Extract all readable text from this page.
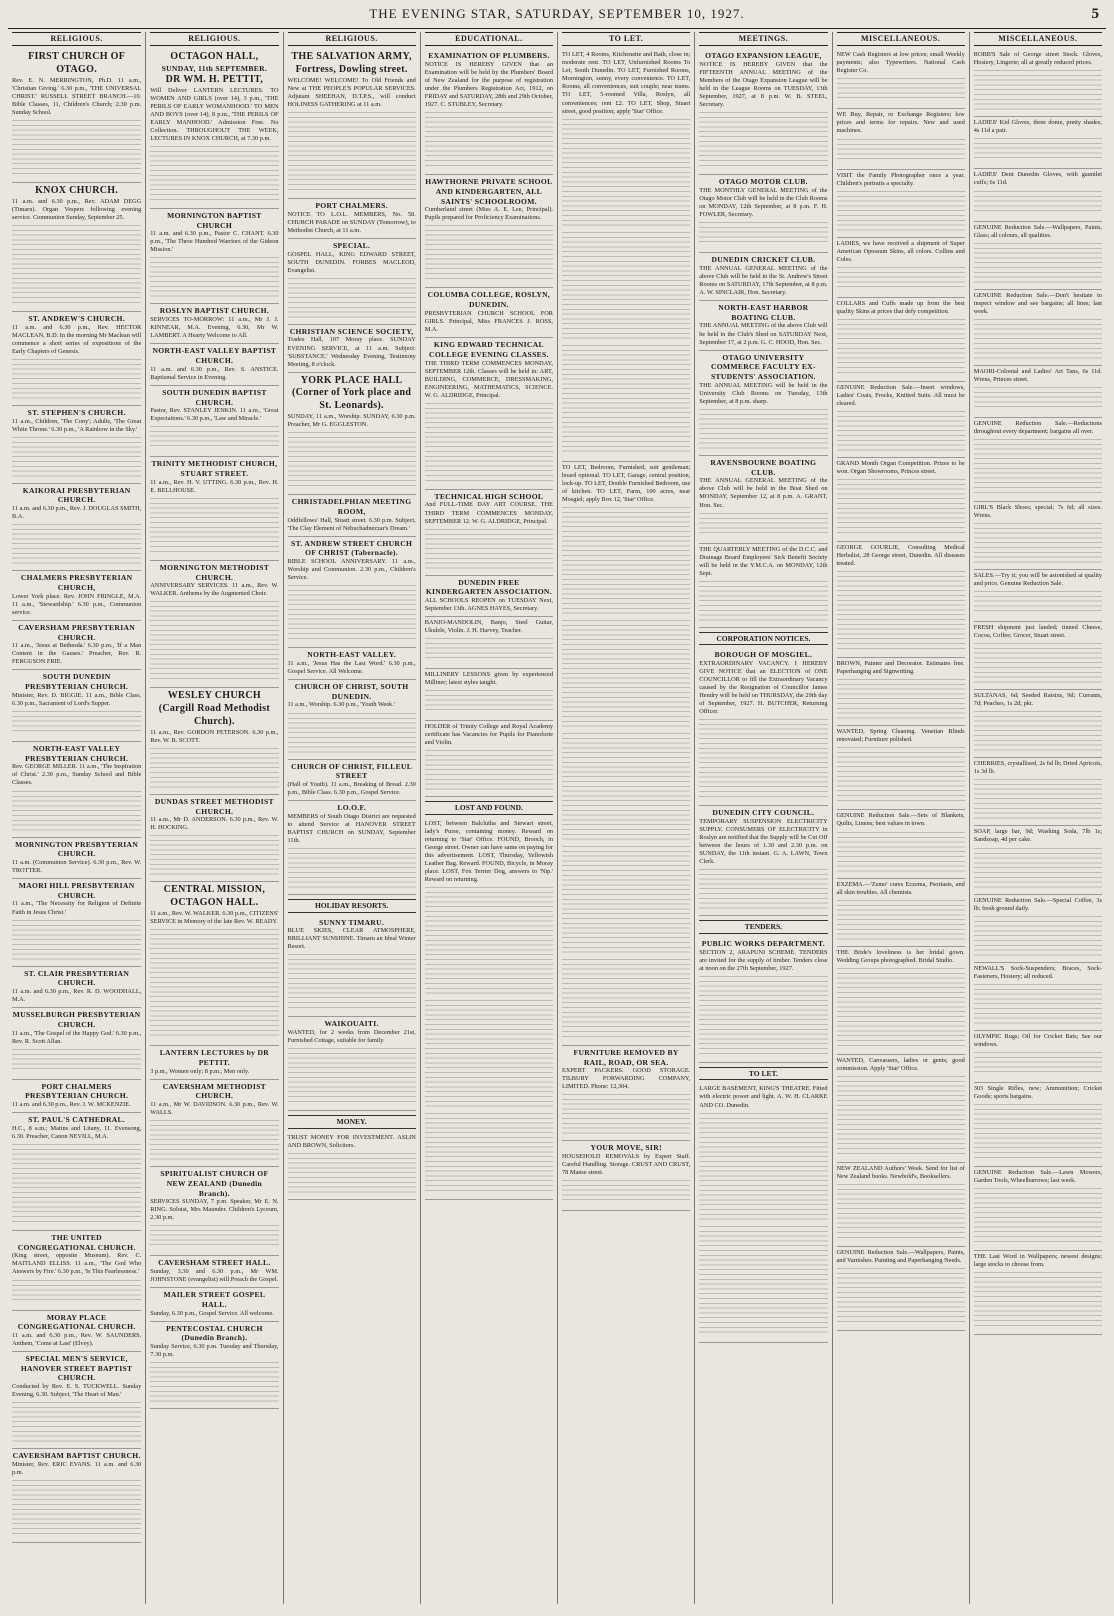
THE EVENING STAR, SATURDAY, SEPTEMBER 10, 1927.	5
RELIGIOUS.
FIRST CHURCH OF OTAGO.

Rev. E. N. MERRINGTON, Ph.D. 11 a.m., 'Christian Giving.' 6.30 p.m., 'THE UNIVERSAL CHRIST.' RUSSELL STREET BRANCH.—10. Bible Classes, 11, Children's Church; 2.30 p.m. Sunday School.

KNOX CHURCH.

11 a.m. and 6.30 p.m., Rev. ADAM DEGG (Timaru). Organ Vespers following evening service. Communion Sunday, September 25.

ST. ANDREW'S CHURCH.

11 a.m. and 6.30 p.m., Rev. HECTOR MACLEAN, B.D. In the morning Mr Maclean will commence a short series of expositions of the Early Chapters of Genesis.

ST. STEPHEN'S CHURCH.

11 a.m., Children, 'The Cony'; Adults, 'The Great White Throne.' 6.30 p.m., 'A Rainbow in the Sky.'

KAIKORAI PRESBYTERIAN CHURCH.

11 a.m. and 6.30 p.m., Rev. J. DOUGLAS SMITH, B.A.

CHALMERS PRESBYTERIAN CHURCH,

Lower York place. Rev. JOHN FRINGLE, M.A. 11 a.m., 'Stewardship.' 6.30 p.m., Communion service.

CAVERSHAM PRESBYTERIAN CHURCH.

11 a.m., 'Jesus at Bethesda.' 6.30 p.m., 'If a Man Content in the Gauses.' Preacher, Rev. R. FERGUSON FRIE.

SOUTH DUNEDIN PRESBYTERIAN CHURCH.

Minister, Rev. D. BIGGIE. 11 a.m., Bible Class. 6.30 p.m., Sacrament of Lord's Supper.

NORTH-EAST VALLEY PRESBYTERIAN CHURCH.

Rev. GEORGE MILLER. 11 a.m., 'The Inspiration of Christ.' 2.30 p.m., Sunday School and Bible Classes.

MORNINGTON PRESBYTERIAN CHURCH.

11 a.m. (Communion Service). 6.30 p.m., Rev. W. TROTTER.

MAORI HILL PRESBYTERIAN CHURCH.

11 a.m., 'The Necessity for Religion of Definite Faith in Jesus Christ.'

ST. CLAIR PRESBYTERIAN CHURCH.

11 a.m. and 6.30 p.m., Rev. R. D. WOODHALL, M.A.

MUSSELBURGH PRESBYTERIAN CHURCH.

11 a.m., 'The Gospel of the Happy God.' 6.30 p.m., Rev. R. Scott Allan.

PORT CHALMERS PRESBYTERIAN CHURCH.

11 a.m. and 6.30 p.m., Rev. J. W. MCKENZIE.

ST. PAUL'S CATHEDRAL.

H.C., 8 a.m.; Matins and Litany, 11. Evensong, 6.30. Preacher, Canon NEVILL, M.A.

THE UNITED CONGREGATIONAL CHURCH.

(King street, opposite Museum). Rev. C. MAITLAND ELLISS. 11 a.m., 'The God Who Answers by Fire.' 6.30 p.m., 'Is This Fearlessness.'

MORAY PLACE CONGREGATIONAL CHURCH.

11 a.m. and 6.30 p.m., Rev. W. SAUNDERS. Anthem, 'Come at Last' (Elvey).

SPECIAL MEN'S SERVICE, HANOVER STREET BAPTIST CHURCH.

Conducted by Rev. E. S. TUCKWELL. Sunday Evening, 6.30. Subject, 'The Heart of Man.'

CAVERSHAM BAPTIST CHURCH.

Minister, Rev. ERIC EVANS. 11 a.m. and 6.30 p.m.

RELIGIOUS.
OCTAGON HALL,
SUNDAY, 11th SEPTEMBER.
DR WM. H. PETTIT,

Will Deliver LANTERN LECTURES. TO WOMEN AND GIRLS (over 14), 3 p.m., 'THE PERILS OF EARLY WOMANHOOD.' TO MEN AND BOYS (over 14), 8 p.m., 'THE PERILS OF EARLY MANHOOD.' Admission Free. No Collection. THROUGHOUT THE WEEK, LECTURES IN KNOX CHURCH, at 7.30 p.m.

MORNINGTON BAPTIST CHURCH

11 a.m. and 6.30 p.m., Pastor C. CHANT. 6.30 p.m., 'The Three Hundred Warriors of the Gideon Mission.'

ROSLYN BAPTIST CHURCH.

SERVICES TO-MORROW: 11 a.m., Mr J. J. KINNEAR, M.A. Evening, 6.30, Mr W. LAMBERT. A Hearty Welcome to All.

NORTH-EAST VALLEY BAPTIST CHURCH.

11 a.m. and 6.30 p.m., Rev. S. ANSTICE. Baptismal Service in Evening.

SOUTH DUNEDIN BAPTIST CHURCH.

Pastor, Rev. STANLEY JENKIN. 11 a.m., 'Great Expectations.' 6.30 p.m., 'Law and Miracle.'

TRINITY METHODIST CHURCH, STUART STREET.

11 a.m., Rev. H. V. UTTING. 6.30 p.m., Rev. H. E. BELLHOUSE.

MORNINGTON METHODIST CHURCH.

ANNIVERSARY SERVICES. 11 a.m., Rev. W. WALKER. Anthems by the Augmented Choir.

WESLEY CHURCH (Cargill Road Methodist Church).

11 a.m., Rev. GORDON PETERSON. 6.30 p.m., Rev. W. B. SCOTT.

DUNDAS STREET METHODIST CHURCH.

11 a.m., Mr D. ANDERSON. 6.30 p.m., Rev. W. H. HOCKING.

CENTRAL MISSION, OCTAGON HALL.

11 a.m., Rev. W. WALKER. 6.30 p.m., CITIZENS' SERVICE in Memory of the late Rev. W. READY.

LANTERN LECTURES by DR PETTIT.

3 p.m., Women only; 8 p.m., Men only.

CAVERSHAM METHODIST CHURCH.

11 a.m., Mr W. DAVIDSON. 6.30 p.m., Rev. W. WALLS.

SPIRITUALIST CHURCH OF NEW ZEALAND (Dunedin Branch).

SERVICES SUNDAY, 7 p.m. Speaker, Mr E. N. RING. Soloist, Mrs Maunder. Children's Lyceum, 2.30 p.m.

CAVERSHAM STREET HALL.

Sunday, 3.30 and 6.30 p.m., Mr WM. JOHNSTONE (evangelist) will Preach the Gospel.

MAILER STREET GOSPEL HALL.

Sunday, 6.30 p.m., Gospel Service. All welcome.

PENTECOSTAL CHURCH (Dunedin Branch).

Sunday Service, 6.30 p.m. Tuesday and Thursday, 7.30 p.m.

RELIGIOUS.
THE SALVATION ARMY, Fortress, Dowling street.

WELCOME! WELCOME! To Old Friends and New at THE PEOPLE'S POPULAR SERVICES. Adjutant SHEEHAN, D.T.P.S., will conduct HOLINESS GATHERING at 11 a.m.

PORT CHALMERS.

NOTICE TO L.O.L. MEMBERS, No. 58. CHURCH PARADE on SUNDAY (Tomorrow), to Methodist Church, at 11 a.m.

SPECIAL.

GOSPEL HALL, KING EDWARD STREET, SOUTH DUNEDIN. FORBES MACLEOD, Evangelist.

CHRISTIAN SCIENCE SOCIETY,

Trades Hall, 107 Moray place. SUNDAY EVENING SERVICE, at 11 a.m. Subject: 'SUBSTANCE.' Wednesday Evening, Testimony Meeting, 8 o'clock.

YORK PLACE HALL (Corner of York place and St. Leonards).

SUNDAY, 11 a.m., Worship. SUNDAY, 6.30 p.m. Preacher, Mr G. EGGLESTON.

CHRISTADELPHIAN MEETING ROOM,

Oddfellows' Hall, Stuart street. 6.30 p.m. Subject, 'The Clay Element of Nebuchadnezzar's Dream.'

ST. ANDREW STREET CHURCH OF CHRIST (Tabernacle).

BIBLE SCHOOL ANNIVERSARY. 11 a.m., Worship and Communion. 2.30 p.m., Children's Service.

NORTH-EAST VALLEY.

11 a.m., 'Jesus Has the Last Word.' 6.30 p.m., Gospel Service. All Welcome.

CHURCH OF CHRIST, SOUTH DUNEDIN.

11 a.m., Worship. 6.30 p.m., 'Youth Week.'

CHURCH OF CHRIST, FILLEUL STREET

(Hall of Youth). 11 a.m., Breaking of Bread. 2.30 p.m., Bible Class. 6.30 p.m., Gospel Service.

I.O.O.F.

MEMBERS of South Otago District are requested to attend Service at HANOVER STREET BAPTIST CHURCH on SUNDAY, September 11th.

HOLIDAY RESORTS.
SUNNY TIMARU.

BLUE SKIES, CLEAR ATMOSPHERE, BRILLIANT SUNSHINE. Timaru an Ideal Winter Resort.

WAIKOUAITI.

WANTED, for 2 weeks from December 21st, Furnished Cottage, suitable for family.

MONEY.

TRUST MONEY FOR INVESTMENT. ASLIN AND BROWN, Solicitors.

EDUCATIONAL.
EXAMINATION OF PLUMBERS.

NOTICE IS HEREBY GIVEN that an Examination will be held by the Plumbers' Board of New Zealand for the purpose of registration under the Plumbers Registration Act, 1912, on FRIDAY and SATURDAY, 28th and 29th October, 1927. C. STUBLEY, Secretary.

HAWTHORNE PRIVATE SCHOOL AND KINDERGARTEN, ALL SAINTS' SCHOOLROOM.

Cumberland street (Miss A. E. Lee, Principal). Pupils prepared for Proficiency Examinations.

COLUMBA COLLEGE, ROSLYN, DUNEDIN.

PRESBYTERIAN CHURCH SCHOOL FOR GIRLS. Principal, Miss FRANCES J. ROSS, M.A.

KING EDWARD TECHNICAL COLLEGE EVENING CLASSES.

THE THIRD TERM COMMENCES MONDAY, SEPTEMBER 12th. Classes will be held in: ART, BUILDING, COMMERCE, DRESSMAKING, ENGINEERING, MATHEMATICS, SCIENCE. W. G. ALDRIDGE, Principal.

TECHNICAL HIGH SCHOOL

And FULL-TIME DAY ART COURSE. THE THIRD TERM COMMENCES MONDAY, SEPTEMBER 12. W. G. ALDRIDGE, Principal.

DUNEDIN FREE KINDERGARTEN ASSOCIATION.

ALL SCHOOLS REOPEN on TUESDAY Next, September 13th. AGNES HAYES, Secretary.

BANJO-MANDOLIN, Banjo, Steel Guitar, Ukulele, Violin. J. H. Harvey, Teacher.

MILLINERY LESSONS given by experienced Milliner; latest styles taught.

HOLDER of Trinity College and Royal Academy certificate has Vacancies for Pupils for Pianoforte and Violin.

LOST AND FOUND.

LOST, between Balclutha and Stewart street, lady's Purse, containing money. Reward on returning to 'Star' Office. FOUND, Brooch, in George street. Owner can have same on paying for this advertisement. LOST, Thursday, Yellowish Leather Bag. Reward. FOUND, Bicycle, in Moray place. LOST, Fox Terrier Dog, answers to 'Nip.' Reward on returning.

TO LET.

TO LET, 4 Rooms, Kitchenette and Bath, close in; moderate rent. TO LET, Unfurnished Rooms To Let, South Dunedin. TO LET, Furnished Rooms, Mornington, sunny, every convenience. TO LET, Rooms, all conveniences, suit couple; near trams. TO LET, 5-roomed Villa, Roslyn, all conveniences; rent £2. TO LET, Shop, Stuart street, good position; apply 'Star' Office.

TO LET, Bedroom, Furnished, suit gentleman; board optional. TO LET, Garage, central position, lock-up. TO LET, Double Furnished Bedroom, use of kitchen. TO LET, Farm, 100 acres, near Mosgiel; apply Box 12, 'Star' Office.

FURNITURE REMOVED BY RAIL, ROAD, OR SEA.

EXPERT PACKERS. GOOD STORAGE. TILBURY FORWARDING COMPANY, LIMITED. Phone: 12,304.

YOUR MOVE, SIR!

HOUSEHOLD REMOVALS by Expert Staff. Careful Handling. Storage. CRUST AND CRUST, 78 Manse street.

MEETINGS.
OTAGO EXPANSION LEAGUE,

NOTICE IS HEREBY GIVEN that the FIFTEENTH ANNUAL MEETING of the Members of the Otago Expansion League will be held in the League Rooms on TUESDAY, 13th September, 1927, at 8 p.m. W. B. STEEL, Secretary.

OTAGO MOTOR CLUB.

THE MONTHLY GENERAL MEETING of the Otago Motor Club will be held in the Club Rooms on MONDAY, 12th September, at 8 p.m. F. H. FOWLER, Secretary.

DUNEDIN CRICKET CLUB.

THE ANNUAL GENERAL MEETING of the above Club will be held in the St. Andrew's Street Rooms on SATURDAY, 17th September, at 8 p.m. A. W. SINCLAIR, Hon. Secretary.

NORTH-EAST HARBOR BOATING CLUB.

THE ANNUAL MEETING of the above Club will be held in the Club's Shed on SATURDAY Next, September 17, at 2 p.m. G. C. HOOD, Hon. Sec.

OTAGO UNIVERSITY COMMERCE FACULTY EX-STUDENTS' ASSOCIATION.

THE ANNUAL MEETING will be held in the University Club Rooms on Tuesday, 13th September, at 8 p.m. sharp.

RAVENSBOURNE BOATING CLUB.

THE ANNUAL GENERAL MEETING of the above Club will be held in the Boat Shed on MONDAY, September 12, at 8 p.m. A. GRANT, Hon. Sec.

THE QUARTERLY MEETING of the D.C.C. and Drainage Board Employees' Sick Benefit Society will be held in the Y.M.C.A. on MONDAY, 12th Sept.

CORPORATION NOTICES.
BOROUGH OF MOSGIEL.

EXTRAORDINARY VACANCY. I HEREBY GIVE NOTICE that an ELECTION of ONE COUNCILLOR to fill the Extraordinary Vacancy caused by the Resignation of Councillor James Hendry will be held on THURSDAY, the 29th day of September, 1927. H. BUTCHER, Returning Officer.

DUNEDIN CITY COUNCIL.

TEMPORARY SUSPENSION ELECTRICITY SUPPLY. CONSUMERS OF ELECTRICITY in Roslyn are notified that the Supply will be Cut Off between the hours of 1.30 and 2.30 p.m. on SUNDAY, the 11th instant. G. A. LAWN, Town Clerk.

TENDERS.
PUBLIC WORKS DEPARTMENT.

SECTION 2, ARAPUNI SCHEME. TENDERS are invited for the supply of timber. Tenders close at noon on the 27th September, 1927.

TO LET.

LARGE BASEMENT, KING'S THEATRE. Fitted with electric power and light. A. W. H. CLARKE AND CO. Dunedin.

MISCELLANEOUS.

NEW Cash Registers at low prices; small Weekly payments; also Typewriters. National Cash Register Co.

WE Buy, Repair, or Exchange Registers; low prices and terms for repairs. New and used machines.

VISIT the Family Photographer once a year. Children's portraits a specialty.

LADIES, we have received a shipment of Super American Opossum Skins, all colors. Collins and Coles.

COLLARS and Cuffs made up from the best quality Skins at prices that defy competition.

GENUINE Reduction Sale.—Insert windows, Ladies' Coats, Frocks, Knitted Suits. All must be cleared.

GRAND Month Organ Competition. Prizes to be won. Organ Showrooms, Princes street.

GEORGE GOURLIE, Consulting Medical Herbalist, 28 George street, Dunedin. All diseases treated.

BROWN, Painter and Decorator. Estimates free. Paperhanging and Signwriting.

WANTED, Spring Cleaning. Venetian Blinds renovated; Furniture polished.

GENUINE Reduction Sale.—Sets of Blankets, Quilts, Linens; best values in town.

EXZEMA.—'Zemo' cures Eczema, Psoriasis, and all skin troubles. All chemists.

THE Bride's loveliness is her bridal gown. Wedding Groups photographed. Bridal Studio.

WANTED, Canvassers, ladies or gents; good commission. Apply 'Star' Office.

NEW ZEALAND Authors' Week. Send for list of New Zealand books. Newbold's, Booksellers.

GENUINE Reduction Sale.—Wallpapers, Paints, and Varnishes. Painting and Paperhanging Needs.

MISCELLANEOUS.

ROBB'S Sale of George street Stock. Gloves, Hosiery, Lingerie; all at greatly reduced prices.

LADIES' Kid Gloves, three dome, pretty shades; 4s 11d a pair.

LADIES' Dent Dunedin Gloves, with gauntlet cuffs; 6s 11d.

GENUINE Reduction Sale.—Wallpapers, Paints, Glass; all colours, all qualities.

GENUINE Reduction Sale.—Don't hesitate to inspect window and see bargains; all lines; last week.

MAORI-Colonial and Ladies' Art Tans, 6s 11d. Wrens, Princes street.

GENUINE Reduction Sale.—Reductions throughout every department; bargains all over.

GIRL'S Black Shoes; special; 7s 6d; all sizes. Wrens.

SALES.—Try it; you will be astonished at quality and price. Genuine Reduction Sale.

FRESH shipment just landed; tinned Cheese, Cocoa, Coffee; Grocer, Stuart street.

SULTANAS, 6d; Seeded Raisins, 9d; Currants, 7d; Peaches, 1s 2d; pkt.

CHERRIES, crystallised, 2s 6d lb; Dried Apricots, 1s 3d lb.

SOAP, large bar, 9d; Washing Soda, 7lb 1s; Sandsoap, 4d per cake.

GENUINE Reduction Sale.—Special Coffee, 3s lb; fresh ground daily.

NEWALL'S Sock-Suspenders; Braces, Sock-Fasteners, Hosiery; all reduced.

OLYMPIC Rugs; Oil for Cricket Bats; See our windows.

303 Single Rifles, new; Ammunition; Cricket Goods; sports bargains.

GENUINE Reduction Sale.—Lawn Mowers, Garden Tools, Wheelbarrows; last week.

THE Last Word in Wallpapers; newest designs; large stocks to choose from.
